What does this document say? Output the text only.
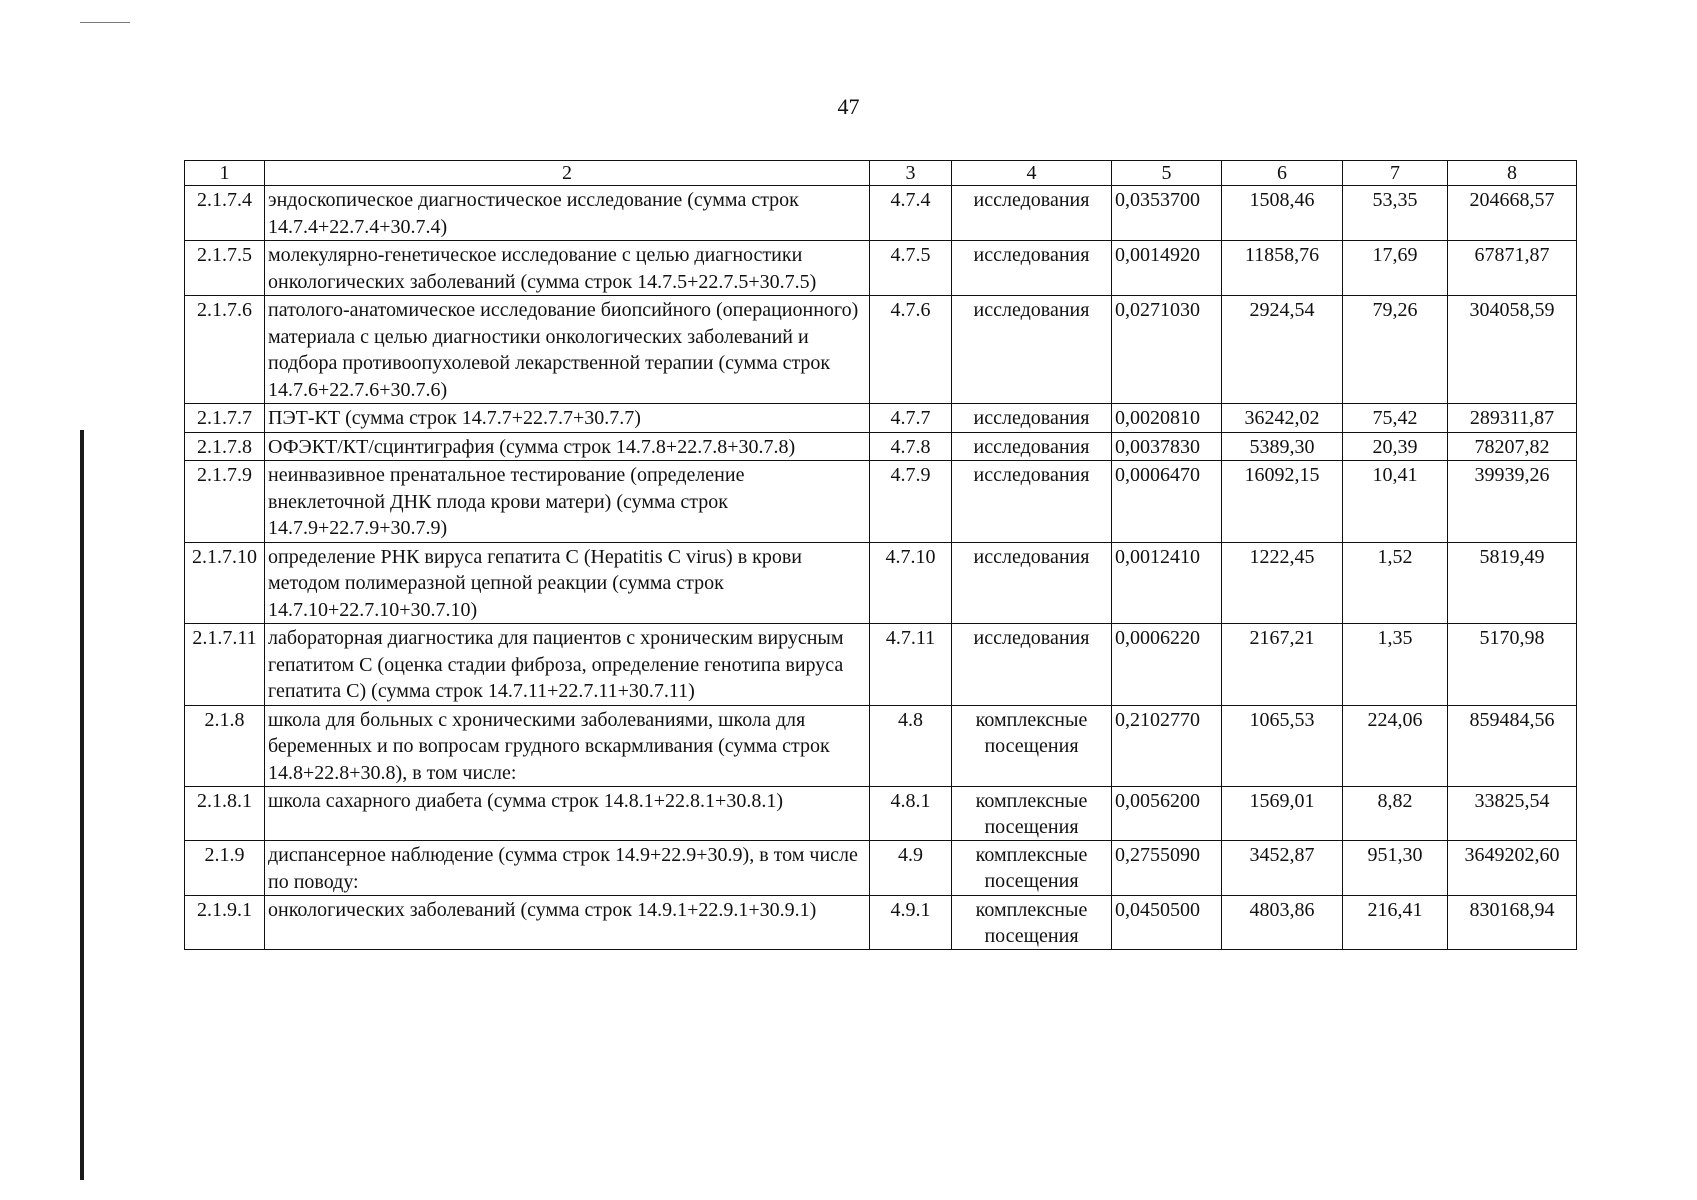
47
1	2	3	4	5	6	7	8
2.1.7.4	эндоскопическое диагностическое исследование (сумма строк 14.7.4+22.7.4+30.7.4)	4.7.4	исследования	0,0353700	1508,46	53,35	204668,57
2.1.7.5	молекулярно-генетическое исследование с целью диагностики онкологических заболеваний (сумма строк 14.7.5+22.7.5+30.7.5)	4.7.5	исследования	0,0014920	11858,76	17,69	67871,87
2.1.7.6	патолого-анатомическое исследование биопсийного (операционного) материала с целью диагностики онкологических заболеваний и подбора противоопухолевой лекарственной терапии (сумма строк 14.7.6+22.7.6+30.7.6)	4.7.6	исследования	0,0271030	2924,54	79,26	304058,59
2.1.7.7	ПЭТ-КТ (сумма строк 14.7.7+22.7.7+30.7.7)	4.7.7	исследования	0,0020810	36242,02	75,42	289311,87
2.1.7.8	ОФЭКТ/КТ/сцинтиграфия (сумма строк 14.7.8+22.7.8+30.7.8)	4.7.8	исследования	0,0037830	5389,30	20,39	78207,82
2.1.7.9	неинвазивное пренатальное тестирование (определение внеклеточной ДНК плода крови матери) (сумма строк 14.7.9+22.7.9+30.7.9)	4.7.9	исследования	0,0006470	16092,15	10,41	39939,26
2.1.7.10	определение РНК вируса гепатита С (Hepatitis C virus) в крови методом полимеразной цепной реакции (сумма строк 14.7.10+22.7.10+30.7.10)	4.7.10	исследования	0,0012410	1222,45	1,52	5819,49
2.1.7.11	лабораторная диагностика для пациентов с хроническим вирусным гепатитом С (оценка стадии фиброза, определение генотипа вируса гепатита С) (сумма строк 14.7.11+22.7.11+30.7.11)	4.7.11	исследования	0,0006220	2167,21	1,35	5170,98
2.1.8	школа для больных с хроническими заболеваниями, школа для беременных и по вопросам грудного вскармливания (сумма строк 14.8+22.8+30.8), в том числе:	4.8	комплексные посещения	0,2102770	1065,53	224,06	859484,56
2.1.8.1	школа сахарного диабета (сумма строк 14.8.1+22.8.1+30.8.1)	4.8.1	комплексные посещения	0,0056200	1569,01	8,82	33825,54
2.1.9	диспансерное наблюдение (сумма строк 14.9+22.9+30.9), в том числе по поводу:	4.9	комплексные посещения	0,2755090	3452,87	951,30	3649202,60
2.1.9.1	онкологических заболеваний (сумма строк 14.9.1+22.9.1+30.9.1)	4.9.1	комплексные посещения	0,0450500	4803,86	216,41	830168,94
